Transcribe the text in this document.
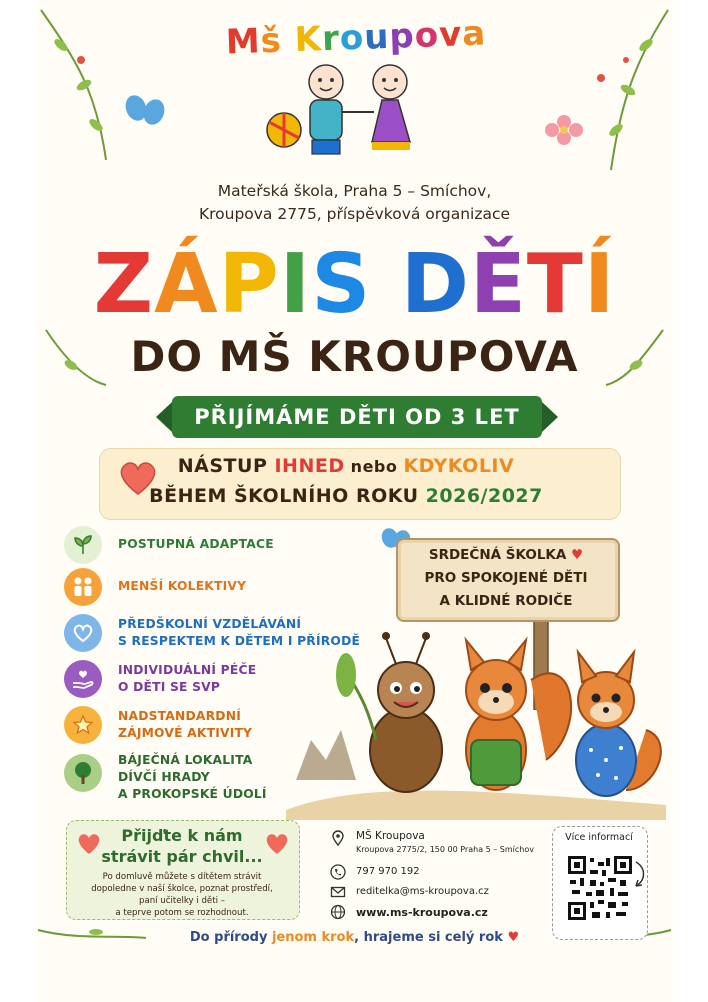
Mš Kroupova
Mateřská škola, Praha 5 – Smíchov,
Kroupova 2775, příspěvková organizace
ZÁPIS DĚTÍ
DO MŠ KROUPOVA
PŘIJÍMÁME DĚTI OD 3 LET
NÁSTUP IHNED nebo KDYKOLIV
BĚHEM ŠKOLNÍHO ROKU 2026/2027
POSTUPNÁ ADAPTACE
MENŠÍ KOLEKTIVY
PŘEDŠKOLNÍ VZDĚLÁVÁNÍ
S RESPEKTEM K DĚTEM I PŘÍRODĚ
INDIVIDUÁLNÍ PÉČE
O DĚTI SE SVP
NADSTANDARDNÍ
ZÁJMOVÉ AKTIVITY
BÁJEČNÁ LOKALITA
DÍVČÍ HRADY
A PROKOPSKÉ ÚDOLÍ
SRDEČNÁ ŠKOLKA ♥
PRO SPOKOJENÉ DĚTI
A KLIDNÉ RODIČE
Přijďte k nám
strávit pár chvil...
Po domluvě můžete s dítětem strávit
dopoledne v naší školce, poznat prostředí,
paní učitelky i děti –
a teprve potom se rozhodnout.
MŠ Kroupova
Kroupova 2775/2, 150 00 Praha 5 – Smíchov
797 970 192
reditelka@ms-kroupova.cz
www.ms-kroupova.cz
Více informací
Do přírody jenom krok, hrajeme si celý rok ♥
